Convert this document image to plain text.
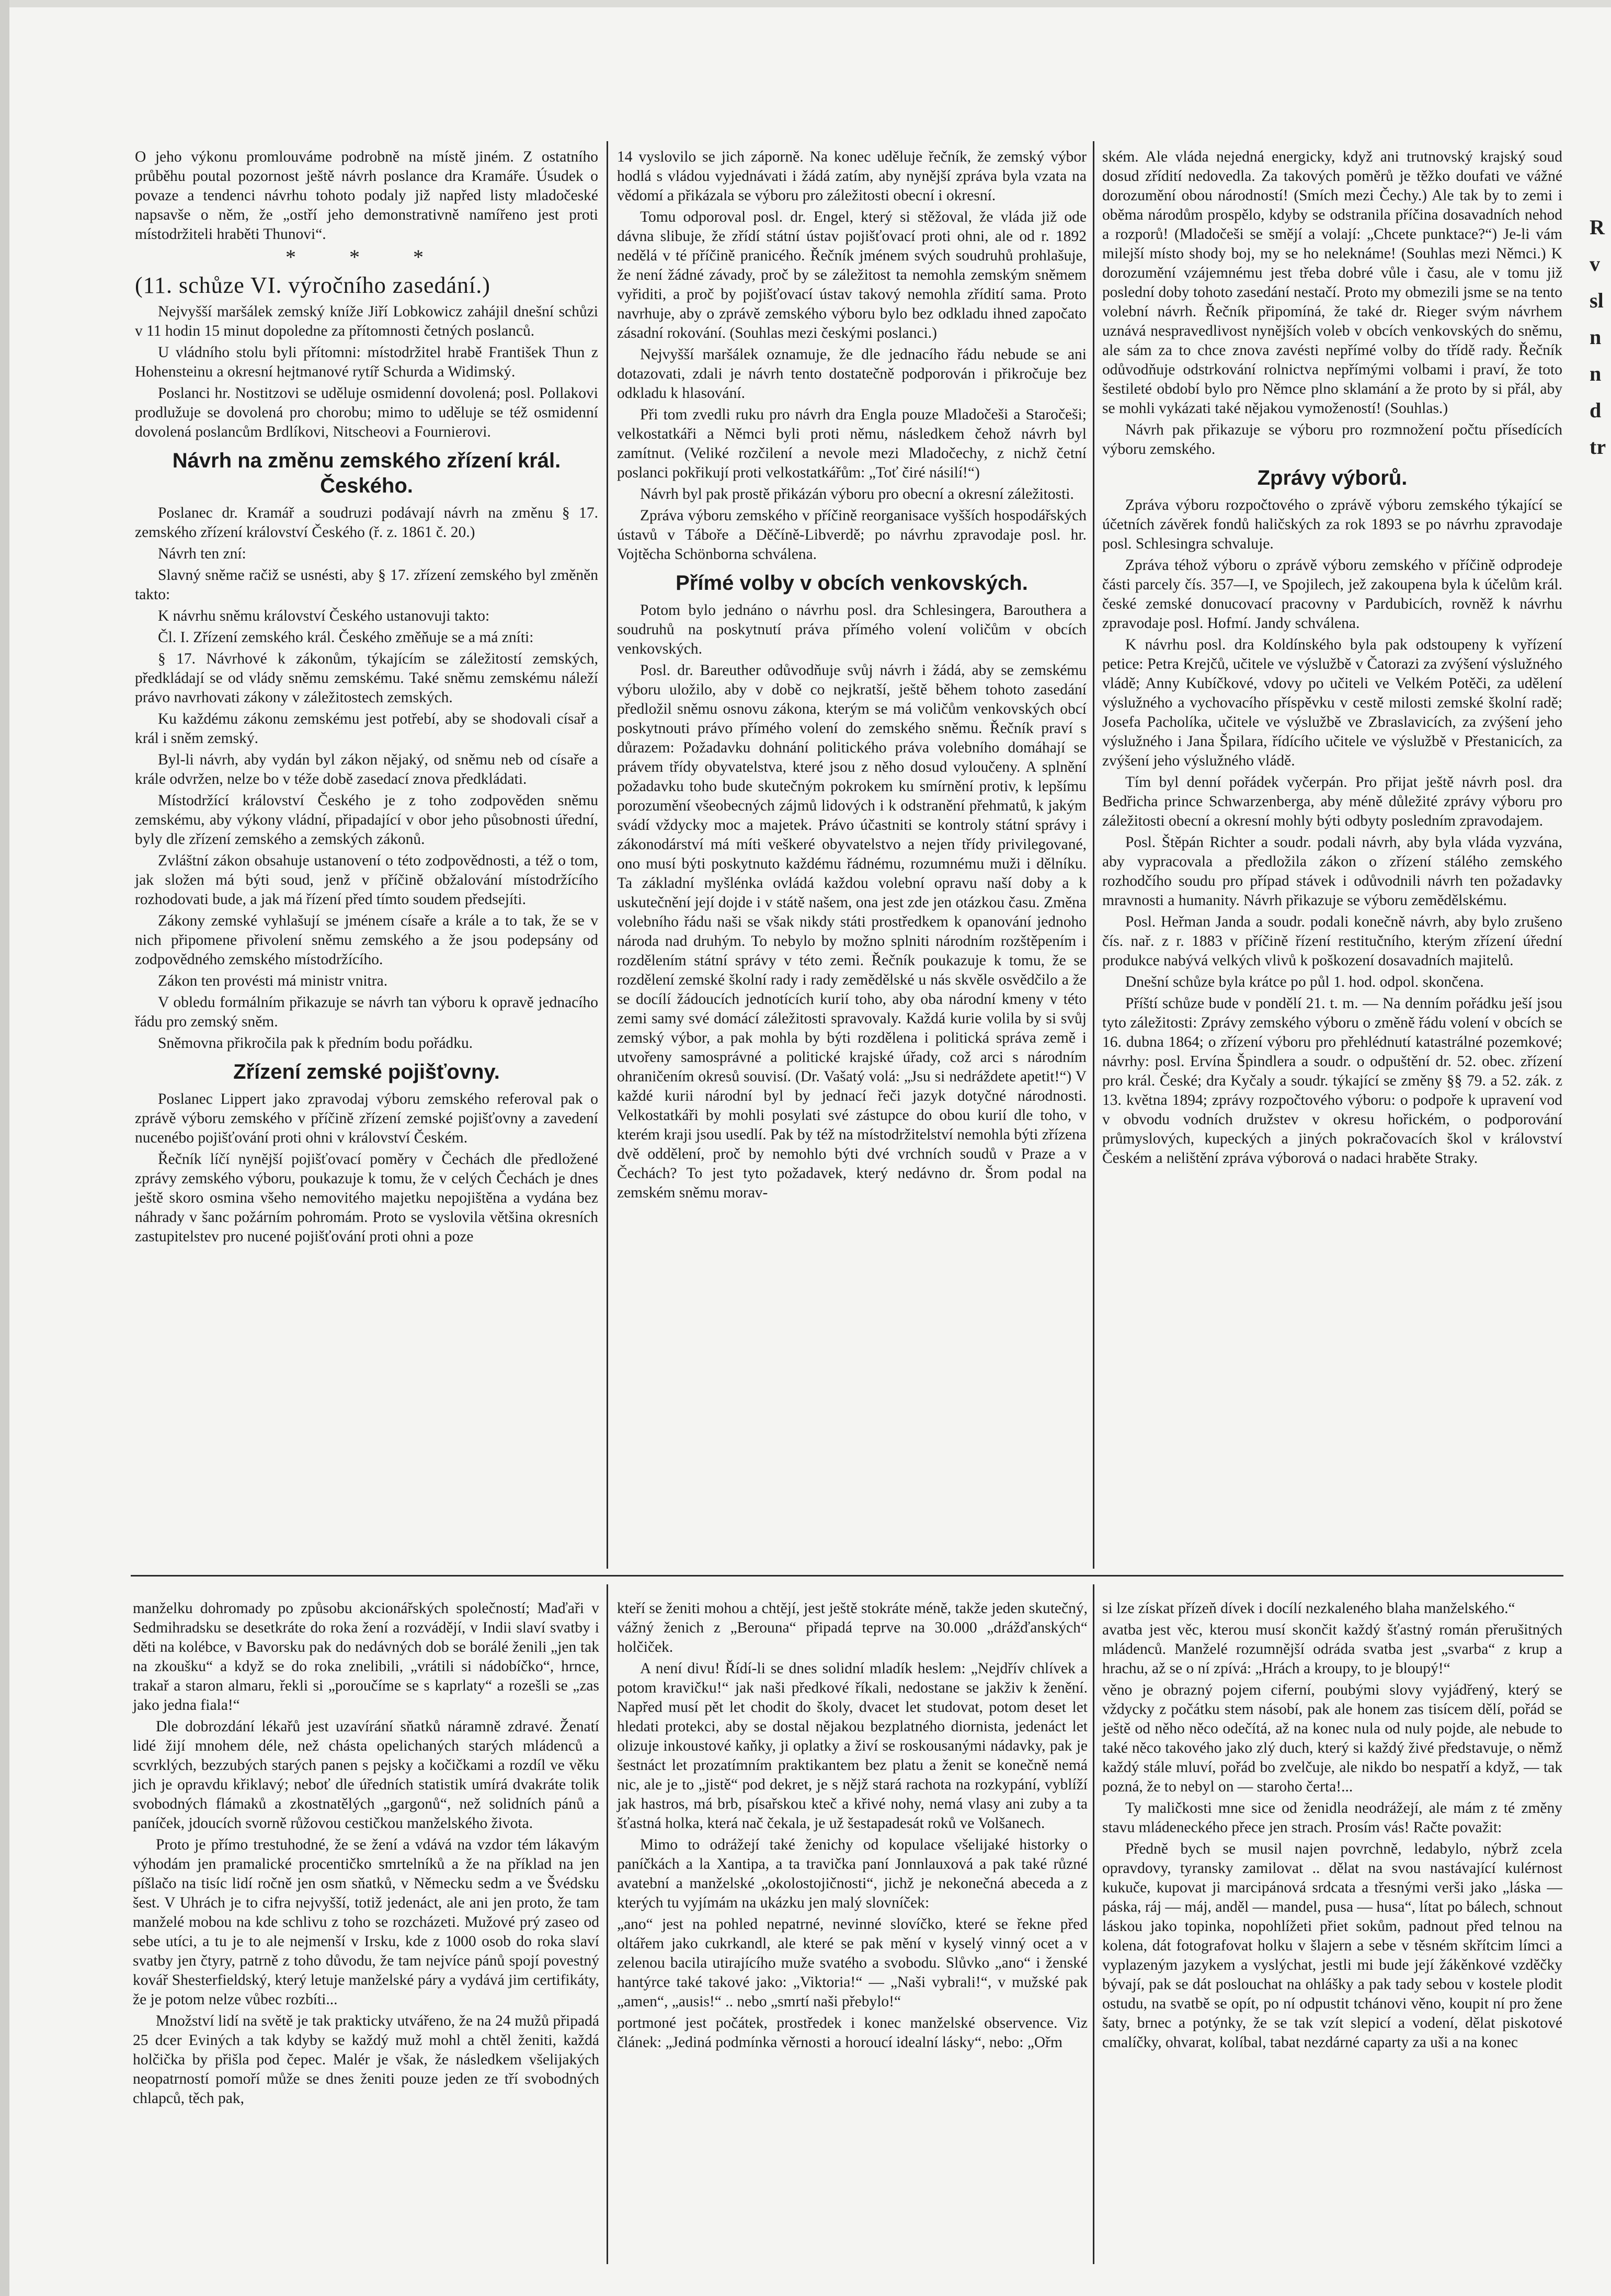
R
v
sl
n
n
d
tr

O jeho výkonu promlouváme podrobně na místě jiném. Z ostatního průběhu poutal pozornost ještě návrh poslance dra Kramáře. Úsudek o povaze a tendenci návrhu tohoto podaly již napřed listy mladočeské napsavše o něm, že „ostří jeho demonstrativně namířeno jest proti místodržiteli hraběti Thunovi“.

* * *
(11. schůze VI. výročního zasedání.)

Nejvyšší maršálek zemský kníže Jiří Lobkowicz zahájil dnešní schůzi v 11 hodin 15 minut dopoledne za přítomnosti četných poslanců.

U vládního stolu byli přítomni: místodržitel hrabě František Thun z Hohensteinu a okresní hejtmanové rytíř Schurda a Widimský.

Poslanci hr. Nostitzovi se uděluje osmidenní dovolená; posl. Pollakovi prodlužuje se dovolená pro chorobu; mimo to uděluje se též osmidenní dovolená poslancům Brdlíkovi, Nitscheovi a Fournierovi.

Návrh na změnu zemského zřízení král. Českého.

Poslanec dr. Kramář a soudruzi podávají návrh na změnu § 17. zemského zřízení království Českého (ř. z. 1861 č. 20.)

Návrh ten zní:

Slavný sněme račiž se usnésti, aby § 17. zřízení zemského byl změněn takto:

K návrhu sněmu království Českého ustanovuji takto:

Čl. I. Zřízení zemského král. Českého změňuje se a má zníti:

§ 17. Návrhové k zákonům, týkajícím se záležitostí zemských, předkládají se od vlády sněmu zemskému. Také sněmu zemskému náleží právo navrhovati zákony v záležitostech zemských.

Ku každému zákonu zemskému jest potřebí, aby se shodovali císař a král i sněm zemský.

Byl-li návrh, aby vydán byl zákon nějaký, od sněmu neb od císaře a krále odvržen, nelze bo v téže době zasedací znova předkládati.

Místodržící království Českého je z toho zodpověden sněmu zemskému, aby výkony vládní, připadající v obor jeho působnosti úřední, byly dle zřízení zemského a zemských zákonů.

Zvláštní zákon obsahuje ustanovení o této zodpovědnosti, a též o tom, jak složen má býti soud, jenž v příčině obžalování místodržícího rozhodovati bude, a jak má řízení před tímto soudem předsejíti.

Zákony zemské vyhlašují se jménem císaře a krále a to tak, že se v nich připomene přivolení sněmu zemského a že jsou podepsány od zodpovědného zemského místodržícího.

Zákon ten provésti má ministr vnitra.

V obledu formálním přikazuje se návrh tan výboru k opravě jednacího řádu pro zemský sněm.

Sněmovna přikročila pak k předním bodu pořádku.

Zřízení zemské pojišťovny.

Poslanec Lippert jako zpravodaj výboru zemského referoval pak o zprávě výboru zemského v příčině zřízení zemské pojišťovny a zavedení nucenébo pojišťování proti ohni v království Českém.

Řečník líčí nynější pojišťovací poměry v Čechách dle předložené zprávy zemského výboru, poukazuje k tomu, že v celých Čechách je dnes ještě skoro osmina všeho nemovitého majetku nepojištěna a vydána bez náhrady v šanc požárním pohromám. Proto se vyslovila většina okresních zastupitelstev pro nucené pojišťování proti ohni a poze

14 vyslovilo se jich záporně. Na konec uděluje řečník, že zemský výbor hodlá s vládou vyjednávati i žádá zatím, aby nynější zpráva byla vzata na vědomí a přikázala se výboru pro záležitosti obecní i okresní.

Tomu odporoval posl. dr. Engel, který si stěžoval, že vláda již ode dávna slibuje, že zřídí státní ústav pojišťovací proti ohni, ale od r. 1892 nedělá v té příčině pranicého. Řečník jménem svých soudruhů prohlašuje, že není žádné závady, proč by se záležitost ta nemohla zemským sněmem vyřiditi, a proč by pojišťovací ústav takový nemohla zřídití sama. Proto navrhuje, aby o zprávě zemského výboru bylo bez odkladu ihned započato zásadní rokování. (Souhlas mezi českými poslanci.)

Nejvyšší maršálek oznamuje, že dle jednacího řádu nebude se ani dotazovati, zdali je návrh tento dostatečně podporován i přikročuje bez odkladu k hlasování.

Při tom zvedli ruku pro návrh dra Engla pouze Mladočeši a Staročeši; velkostatkáři a Němci byli proti němu, následkem čehož návrh byl zamítnut. (Veliké rozčilení a nevole mezi Mladočechy, z nichž četní poslanci pokřikují proti velkostatkářům: „Toť čiré násilí!“)

Návrh byl pak prostě přikázán výboru pro obecní a okresní záležitosti.

Zpráva výboru zemského v příčině reorganisace vyšších hospodářských ústavů v Táboře a Děčíně-Libverdě; po návrhu zpravodaje posl. hr. Vojtěcha Schönborna schválena.

Přímé volby v obcích venkovských.

Potom bylo jednáno o návrhu posl. dra Schlesingera, Barouthera a soudruhů na poskytnutí práva přímého volení voličům v obcích venkovských.

Posl. dr. Bareuther odůvodňuje svůj návrh i žádá, aby se zemskému výboru uložilo, aby v době co nejkratší, ještě během tohoto zasedání předložil sněmu osnovu zákona, kterým se má voličům venkovských obcí poskytnouti právo přímého volení do zemského sněmu. Řečník praví s důrazem: Požadavku dohnání politického práva volebního domáhají se právem třídy obyvatelstva, které jsou z něho dosud vyloučeny. A splnění požadavku toho bude skutečným pokrokem ku smírnění protiv, k lepšímu porozumění všeobecných zájmů lidových i k odstranění přehmatů, k jakým svádí vždycky moc a majetek. Právo účastniti se kontroly státní správy i zákonodárství má míti veškeré obyvatelstvo a nejen třídy privilegované, ono musí býti poskytnuto každému řádnému, rozumnému muži i dělníku. Ta základní myšlénka ovládá každou volební opravu naší doby a k uskutečnění její dojde i v státě našem, ona jest zde jen otázkou času. Změna volebního řádu naši se však nikdy státi prostředkem k opanování jednoho národa nad druhým. To nebylo by možno splniti národním rozštěpením i rozdělením státní správy v této zemi. Řečník poukazuje k tomu, že se rozdělení zemské školní rady i rady zemědělské u nás skvěle osvědčilo a že se docílí žádoucích jednotících kurií toho, aby oba národní kmeny v této zemi samy své domácí záležitosti spravovaly. Každá kurie volila by si svůj zemský výbor, a pak mohla by býti rozdělena i politická správa země i utvořeny samosprávné a politické krajské úřady, což arci s národním ohraničením okresů souvisí. (Dr. Vašatý volá: „Jsu si nedráždete apetit!“) V každé kurii národní byl by jednací řeči jazyk dotyčné národnosti. Velkostatkáři by mohli posylati své zástupce do obou kurií dle toho, v kterém kraji jsou usedlí. Pak by též na místodržitelství nemohla býti zřízena dvě oddělení, proč by nemohlo býti dvé vrchních soudů v Praze a v Čechách? To jest tyto požadavek, který nedávno dr. Šrom podal na zemském sněmu morav-

ském. Ale vláda nejedná energicky, když ani trutnovský krajský soud dosud zřídití nedovedla. Za takových poměrů je těžko doufati ve vážné dorozumění obou národností! (Smích mezi Čechy.) Ale tak by to zemi i oběma národům prospělo, kdyby se odstranila příčina dosavadních nehod a rozporů! (Mladočeši se smějí a volají: „Chcete punktace?“) Je-li vám milejší místo shody boj, my se ho neleknáme! (Souhlas mezi Němci.) K dorozumění vzájemnému jest třeba dobré vůle i času, ale v tomu již poslední doby tohoto zasedání nestačí. Proto my obmezili jsme se na tento volební návrh. Řečník připomíná, že také dr. Rieger svým návrhem uznává nespravedlivost nynějších voleb v obcích venkovských do sněmu, ale sám za to chce znova zavésti nepřímé volby do třídě rady. Řečník odůvodňuje odstrkování rolnictva nepřímými volbami i praví, že toto šestileté období bylo pro Němce plno sklamání a že proto by si přál, aby se mohli vykázati také nějakou vymožeností! (Souhlas.)

Návrh pak přikazuje se výboru pro rozmnožení počtu přísedících výboru zemského.

Zprávy výborů.

Zpráva výboru rozpočtového o zprávě výboru zemského týkající se účetních závěrek fondů haličských za rok 1893 se po návrhu zpravodaje posl. Schlesingra schvaluje.

Zpráva téhož výboru o zprávě výboru zemského v příčině odprodeje části parcely čís. 357—I, ve Spojilech, jež zakoupena byla k účelům král. české zemské donucovací pracovny v Pardubicích, rovněž k návrhu zpravodaje posl. Hofmí. Jandy schválena.

K návrhu posl. dra Koldínského byla pak odstoupeny k vyřízení petice: Petra Krejčů, učitele ve výslužbě v Čatorazi za zvýšení výslužného vládě; Anny Kubíčkové, vdovy po učiteli ve Velkém Potěči, za udělení výslužného a vychovacího příspěvku v cestě milosti zemské školní radě; Josefa Pacholíka, učitele ve výslužbě ve Zbraslavicích, za zvýšení jeho výslužného i Jana Špilara, řídícího učitele ve výslužbě v Přestanicích, za zvýšení jeho výslužného vládě.

Tím byl denní pořádek vyčerpán. Pro přijat ještě návrh posl. dra Bedřicha prince Schwarzenberga, aby méně důležité zprávy výboru pro záležitosti obecní a okresní mohly býti odbyty posledním zpravodajem.

Posl. Štěpán Richter a soudr. podali návrh, aby byla vláda vyzvána, aby vypracovala a předložila zákon o zřízení stálého zemského rozhodčího soudu pro případ stávek i odůvodnili návrh ten požadavky mravnosti a humanity. Návrh přikazuje se výboru zemědělskému.

Posl. Heřman Janda a soudr. podali konečně návrh, aby bylo zrušeno čís. nař. z r. 1883 v příčině řízení restitučního, kterým zřízení úřední produkce nabývá velkých vlivů k poškození dosavadních majitelů.

Dnešní schůze byla krátce po půl 1. hod. odpol. skončena.

Příští schůze bude v pondělí 21. t. m. — Na denním pořádku ješí jsou tyto záležitosti: Zprávy zemského výboru o změně řádu volení v obcích se 16. dubna 1864; o zřízení výboru pro přehlédnutí katastrálné pozemkové; návrhy: posl. Ervína Špindlera a soudr. o odpuštění dr. 52. obec. zřízení pro král. České; dra Kyčaly a soudr. týkající se změny §§ 79. a 52. zák. z 13. května 1894; zprávy rozpočtového výboru: o podpoře k upravení vod v obvodu vodních družstev v okresu hořickém, o podporování průmyslových, kupeckých a jiných pokračovacích škol v království Českém a nelištění zpráva výborová o nadaci hraběte Straky.

manželku dohromady po způsobu akcionářských společností; Maďaři v Sedmihradsku se desetkráte do roka žení a rozvádějí, v Indii slaví svatby i děti na kolébce, v Bavorsku pak do nedávných dob se borálé ženili „jen tak na zkoušku“ a když se do roka znelibili, „vrátili si nádobíčko“, hrnce, trakař a staron almaru, řekli si „poroučíme se s kaprlaty“ a rozešli se „zas jako jedna fiala!“

Dle dobrozdání lékařů jest uzavírání sňatků náramně zdravé. Ženatí lidé žijí mnohem déle, než chásta opelichaných starých mládenců a scvrklých, bezzubých starých panen s pejsky a kočičkami a rozdíl ve věku jich je opravdu křiklavý; neboť dle úředních statistik umírá dvakráte tolik svobodných flámaků a zkostnatělých „gargonů“, než solidních pánů a paníček, jdoucích svorně růžovou cestičkou manželského života.

Proto je přímo trestuhodné, že se žení a vdává na vzdor tém lákavým výhodám jen pramalické procentičko smrtelníků a že na příklad na jen píšlačo na tisíc lidí ročně jen osm sňatků, v Německu sedm a ve Švédsku šest. V Uhrách je to cifra nejvyšší, totiž jedenáct, ale ani jen proto, že tam manželé mobou na kde schlivu z toho se rozcházeti. Mužové prý zaseo od sebe utíci, a tu je to ale nejmenší v Irsku, kde z 1000 osob do roka slaví svatby jen čtyry, patrně z toho důvodu, že tam nejvíce pánů spojí povestný kovář Shesterfieldský, který letuje manželské páry a vydává jim certifikáty, že je potom nelze vůbec rozbíti...

Množství lidí na světě je tak prakticky utvářeno, že na 24 mužů připadá 25 dcer Eviných a tak kdyby se každý muž mohl a chtěl ženiti, každá holčička by přišla pod čepec. Malér je však, že následkem všelijakých neopatrností pomoří může se dnes ženiti pouze jeden ze tří svobodných chlapců, těch pak,

kteří se ženiti mohou a chtějí, jest ještě stokráte méně, takže jeden skutečný, vážný ženich z „Berouna“ připadá teprve na 30.000 „drážďanských“ holčiček.

A není divu! Řídí-li se dnes solidní mladík heslem: „Nejdřív chlívek a potom kravičku!“ jak naši předkové říkali, nedostane se jakživ k ženění. Napřed musí pět let chodit do školy, dvacet let studovat, potom deset let hledati protekci, aby se dostal nějakou bezplatného diornista, jedenáct let olizuje inkoustové kaňky, ji oplatky a živí se roskousanými nádavky, pak je šestnáct let prozatímním praktikantem bez platu a ženit se konečně nemá nic, ale je to „jistě“ pod dekret, je s nějž stará rachota na rozkypání, vyblíží jak hastros, má brb, písařskou kteč a křivé nohy, nemá vlasy ani zuby a ta šťastná holka, která nač čekala, je už šestapadesát roků ve Volšanech.

Mimo to odrážejí také ženichy od kopulace všelijaké historky o paníčkách a la Xantipa, a ta travička paní Jonnlauxová a pak také různé avatební a manželské „okolostojičnosti“, jichž je nekonečná abeceda a z kterých tu vyjímám na ukázku jen malý slovníček:

„ano“ jest na pohled nepatrné, nevinné slovíčko, které se řekne před oltářem jako cukrkandl, ale které se pak mění v kyselý vinný ocet a v zelenou bacila utirajícího muže svatého a svobodu. Slůvko „ano“ i ženské hantýrce také takové jako: „Viktoria!“ — „Naši vybrali!“, v mužské pak „amen“, „ausis!“ .. nebo „smrtí naši přebylo!“

portmoné jest počátek, prostředek i konec manželské observence. Viz článek: „Jediná podmínka věrnosti a horoucí idealní lásky“, nebo: „Ořm

si lze získat přízeň dívek i docílí nezkaleného blaha manželského.“

avatba jest věc, kterou musí skončit každý šťastný román přerušitných mládenců. Manželé rozumnější odráda svatba jest „svarba“ z krup a hrachu, až se o ní zpívá: „Hrách a kroupy, to je bloupý!“

věno je obrazný pojem ciferní, poubými slovy vyjádřený, který se vždycky z počátku stem násobí, pak ale honem zas tisícem dělí, pořád se ještě od něho něco odečítá, až na konec nula od nuly pojde, ale nebude to také něco takového jako zlý duch, který si každý živé představuje, o němž každý stále mluví, pořád bo zvelčuje, ale nikdo bo nespatří a když, — tak pozná, že to nebyl on — staroho čerta!...

Ty maličkosti mne sice od ženidla neodrážejí, ale mám z té změny stavu mládeneckého přece jen strach. Prosím vás! Račte považit:

Předně bych se musil najen povrchně, ledabylo, nýbrž zcela opravdovy, tyransky zamilovat .. dělat na svou nastávající kulérnost kukuče, kupovat ji marcipánová srdcata a třesnými verši jako „láska — páska, ráj — máj, anděl — mandel, pusa — husa“, lítat po bálech, schnout láskou jako topinka, nopohlížeti přiet sokům, padnout před telnou na kolena, dát fotografovat holku v šlajern a sebe v těsném skřítcim límci a vyplazeným jazykem a vyslýchat, jestli mi bude její žákěnkové vzděčky bývají, pak se dát poslouchat na ohlášky a pak tady sebou v kostele plodit ostudu, na svatbě se opít, po ní odpustit tchánovi věno, koupit ní pro žene šaty, brnec a potýnky, že se tak vzít slepicí a vodení, dělat piskotové cmalíčky, ohvarat, kolíbal, tabat nezdárné caparty za uši a na konec
